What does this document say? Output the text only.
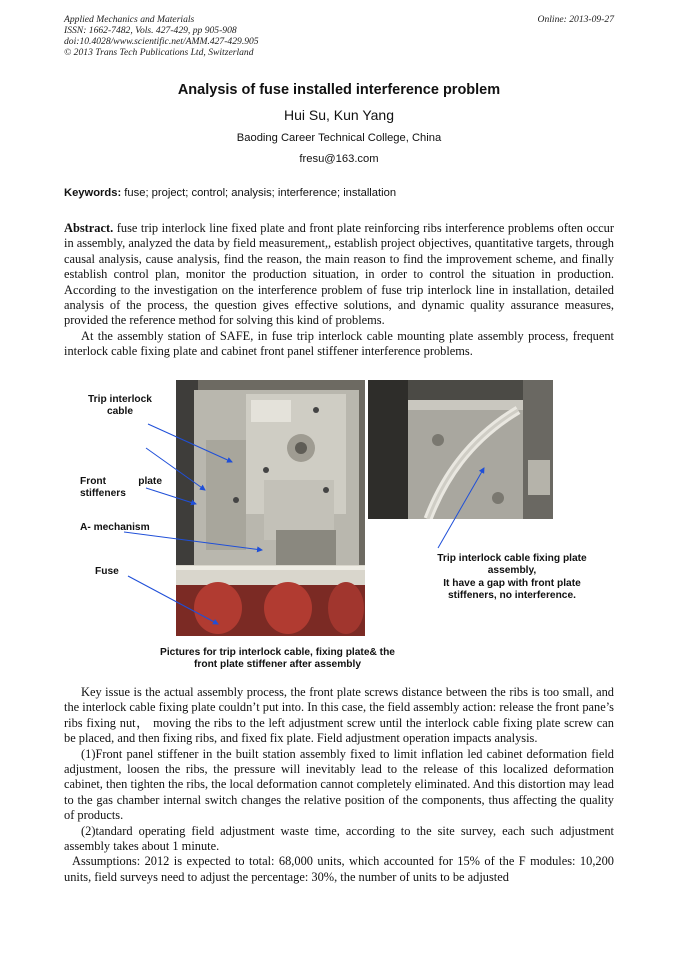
Applied Mechanics and Materials
ISSN: 1662-7482, Vols. 427-429, pp 905-908
doi:10.4028/www.scientific.net/AMM.427-429.905
© 2013 Trans Tech Publications Ltd, Switzerland
Online: 2013-09-27
Analysis of fuse installed interference problem
Hui Su, Kun Yang
Baoding Career Technical College, China
fresu@163.com
Keywords: fuse; project; control; analysis; interference; installation

Abstract. fuse trip interlock line fixed plate and front plate reinforcing ribs interference problems often occur in assembly, analyzed the data by field measurement,, establish project objectives, quantitative targets, through causal analysis, cause analysis, find the reason, the main reason to find the improvement scheme, and finally establish control plan, monitor the production situation, in order to control the situation in production. According to the investigation on the interference problem of fuse trip interlock line in installation, detailed analysis of the process, the question gives effective solutions, and dynamic quality assurance measures, provided the reference method for solving this kind of problems.

At the assembly station of SAFE, in fuse trip interlock cable mounting plate assembly process, frequent interlock cable fixing plate and cabinet front panel stiffener interference problems.

Trip interlock cable
Front plate stiffeners
A- mechanism
Fuse
Trip interlock cable fixing plate assembly,
It have a gap with front plate stiffeners, no interference.
Pictures for trip interlock cable, fixing plate& the front plate stiffener after assembly

Key issue is the actual assembly process, the front plate screws distance between the ribs is too small, and the interlock cable fixing plate couldn’t put into. In this case, the field assembly action: release the front pane’s ribs fixing nut， moving the ribs to the left adjustment screw until the interlock cable fixing plate screw can be placed, and then fixing ribs, and fixed fix plate. Field adjustment operation impacts analysis.

(1)Front panel stiffener in the built station assembly fixed to limit inflation led cabinet deformation field adjustment, loosen the ribs, the pressure will inevitably lead to the release of this localized deformation cabinet, then tighten the ribs, the local deformation cannot completely eliminated. And this distortion may lead to the gas chamber internal switch changes the relative position of the components, thus affecting the quality of products.

(2)tandard operating field adjustment waste time, according to the site survey, each such adjustment assembly takes about 1 minute.

Assumptions: 2012 is expected to total: 68,000 units, which accounted for 15% of the F modules: 10,200 units, field surveys need to adjust the percentage: 30%, the number of units to be adjusted
